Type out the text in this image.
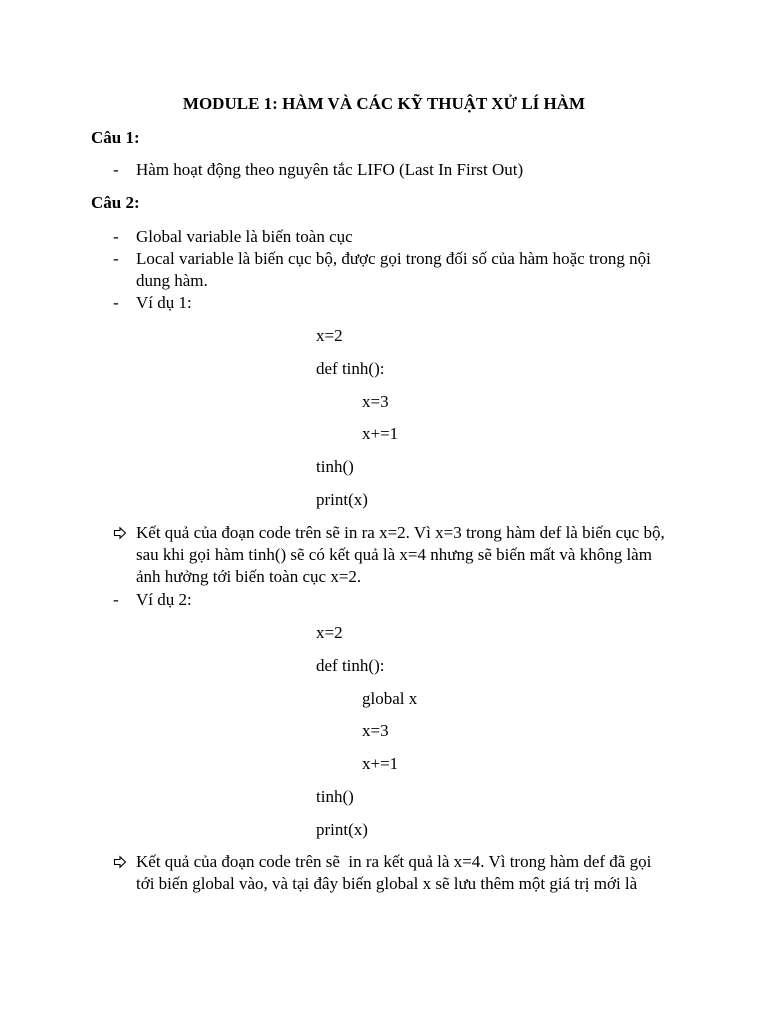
MODULE 1: HÀM VÀ CÁC KỸ THUẬT XỬ LÍ HÀM
Câu 1:
-	Hàm hoạt động theo nguyên tắc LIFO (Last In First Out)
Câu 2:
-	Global variable là biến toàn cục
-	Local variable là biến cục bộ, được gọi trong đối số của hàm hoặc trong nội dung hàm.
-	Ví dụ 1:
x=2
def tinh():
x=3
x+=1
tinh()
print(x)
Kết quả của đoạn code trên sẽ in ra x=2. Vì x=3 trong hàm def là biến cục bộ, sau khi gọi hàm tinh() sẽ có kết quả là x=4 nhưng sẽ biến mất và không làm ảnh hưởng tới biến toàn cục x=2.
-	Ví dụ 2:
x=2
def tinh():
global x
x=3
x+=1
tinh()
print(x)
Kết quả của đoạn code trên sẽ  in ra kết quả là x=4. Vì trong hàm def đã gọi tới biến global vào, và tại đây biến global x sẽ lưu thêm một giá trị mới là
